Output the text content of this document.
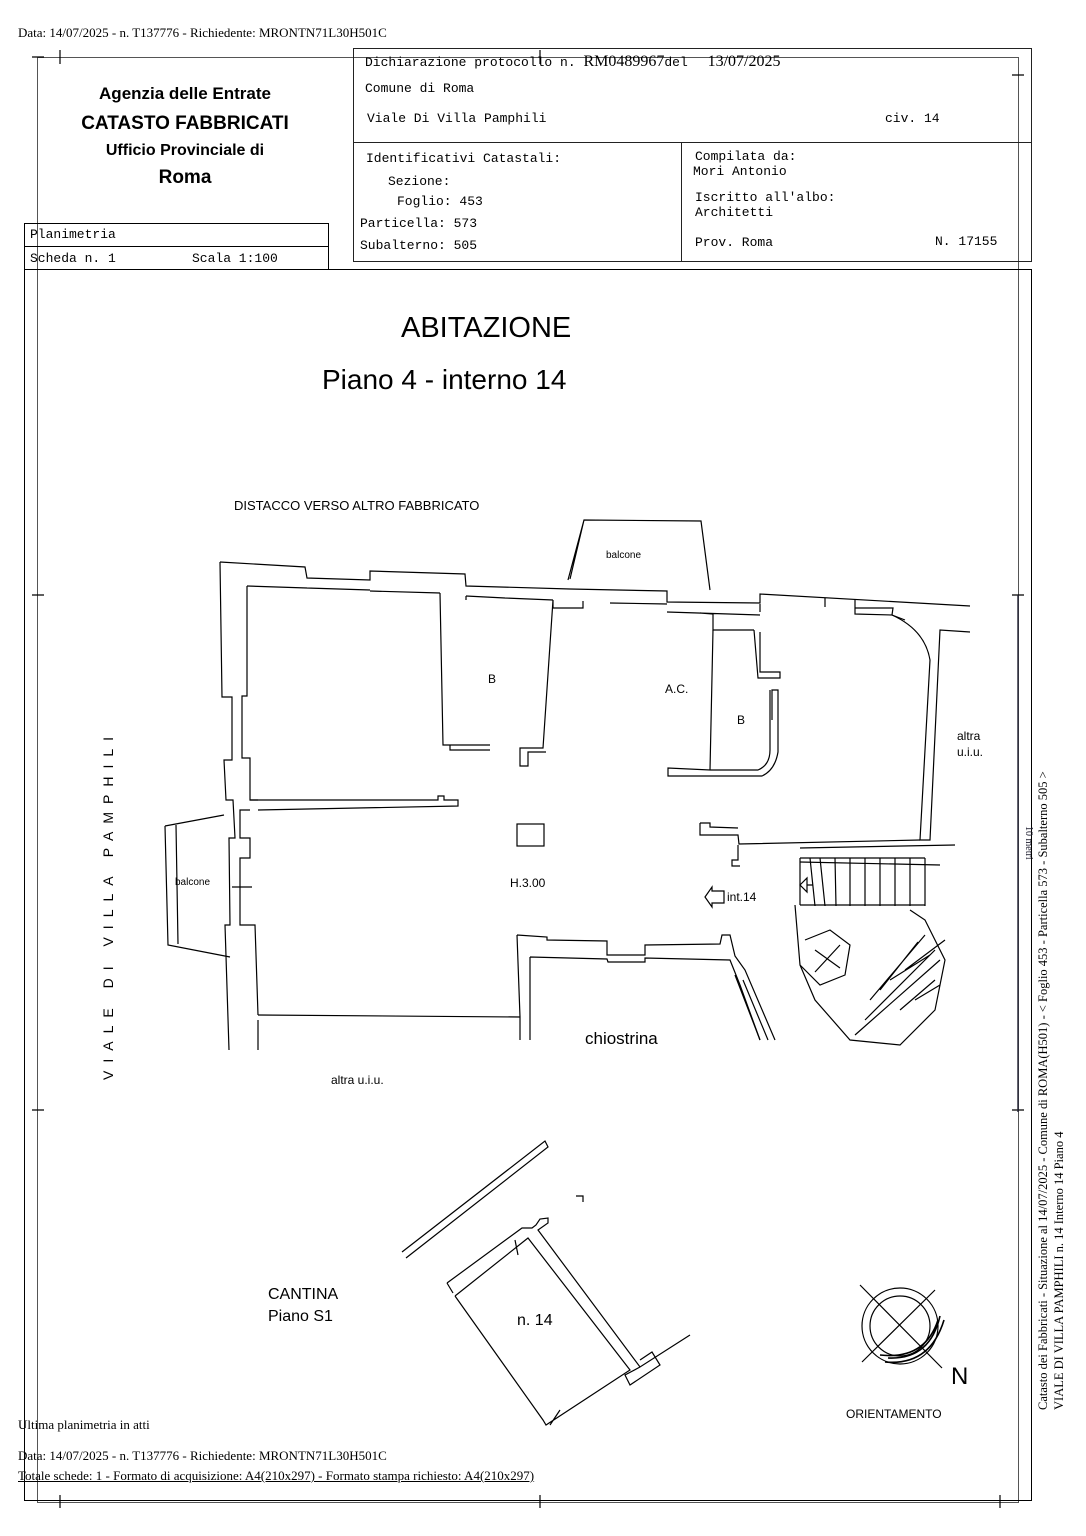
Data: 14/07/2025 - n. T137776 - Richiedente: MRONTN71L30H501C
Agenzia delle Entrate
CATASTO FABBRICATI
Ufficio Provinciale di
Roma
Planimetria
Scheda n. 1	Scala 1:100
Dichiarazione protocollo n. RM0489967del 13/07/2025
Comune di Roma
Viale Di Villa Pamphili	civ. 14
Identificativi Catastali:
Sezione:
Foglio: 453
Particella: 573
Subalterno: 505
Compilata da:
Mori Antonio
Iscritto all'albo:
Architetti
Prov. Roma	N. 17155
ABITAZIONE
Piano 4 - interno 14
DISTACCO VERSO ALTRO FABBRICATO
balcone
balcone
B
A.C.
B
altra
u.i.u.
H.3.00
int.14
chiostrina
altra u.i.u.
VIALE DI VILLA PAMPHILI
CANTINA
Piano S1	n. 14
N
ORIENTAMENTO
Catasto dei Fabbricati - Situazione al 14/07/2025 - Comune di ROMA(H501) - < Foglio 453 - Particella 573 - Subalterno 505 > VIALE DI VILLA PAMPHILI n. 14 Interno 14 Piano 4
10 metri
Ultima planimetria in atti
Data: 14/07/2025 - n. T137776 - Richiedente: MRONTN71L30H501C
Totale schede: 1 - Formato di acquisizione: A4(210x297) - Formato stampa richiesto: A4(210x297)
